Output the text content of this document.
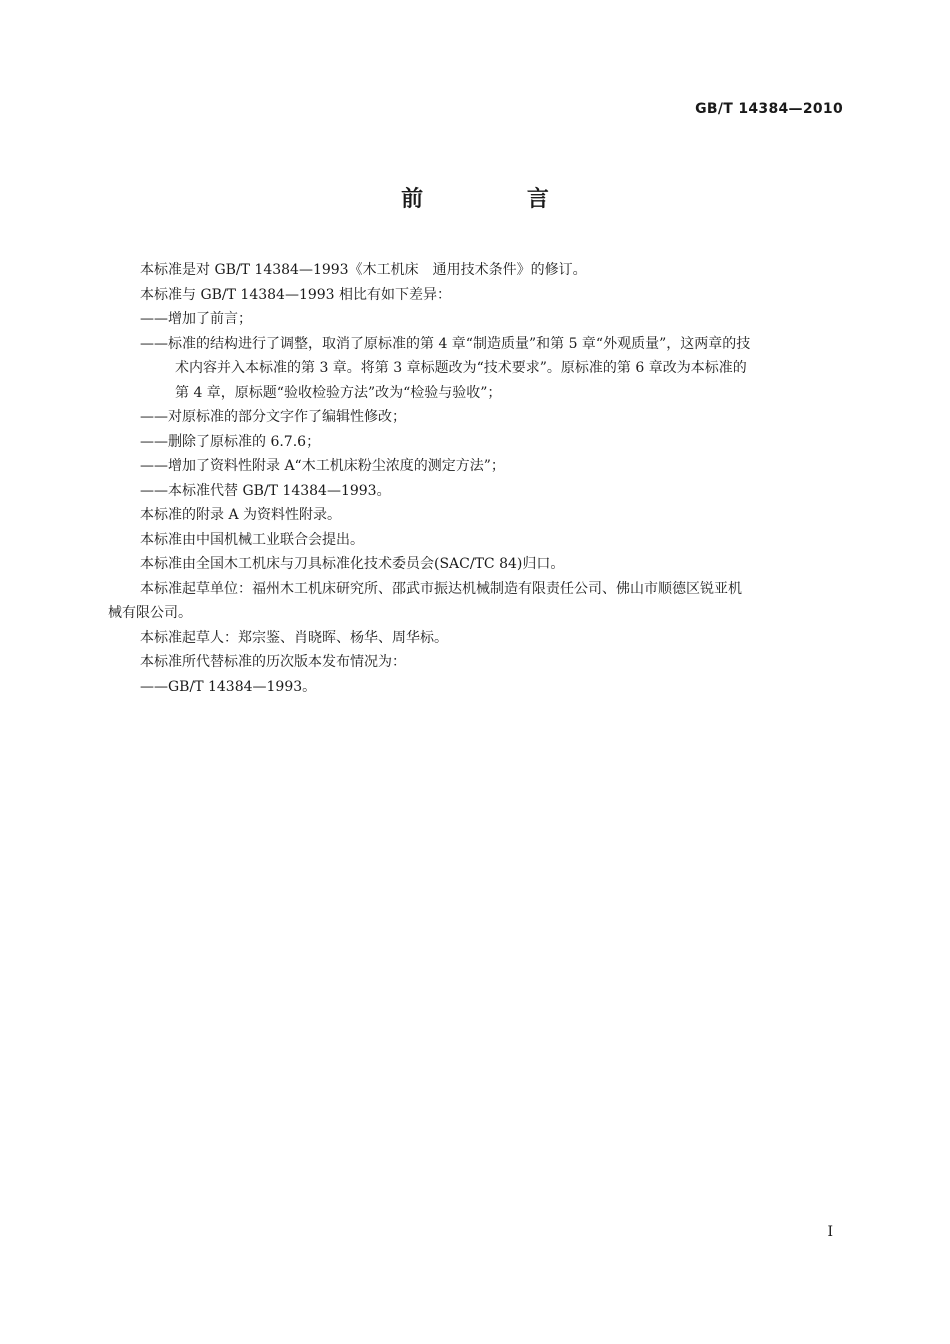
GB/T 14384—2010
前 言

本标准是对 GB/T 14384—1993《木工机床　通用技术条件》的修订。

本标准与 GB/T 14384—1993 相比有如下差异：

——增加了前言；

——标准的结构进行了调整，取消了原标准的第 4 章“制造质量”和第 5 章“外观质量”，这两章的技

术内容并入本标准的第 3 章。将第 3 章标题改为“技术要求”。原标准的第 6 章改为本标准的

第 4 章，原标题“验收检验方法”改为“检验与验收”；

——对原标准的部分文字作了编辑性修改；

——删除了原标准的 6.7.6；

——增加了资料性附录 A“木工机床粉尘浓度的测定方法”；

——本标准代替 GB/T 14384—1993。

本标准的附录 A 为资料性附录。

本标准由中国机械工业联合会提出。

本标准由全国木工机床与刀具标准化技术委员会(SAC/TC 84)归口。

本标准起草单位：福州木工机床研究所、邵武市振达机械制造有限责任公司、佛山市顺德区锐亚机

械有限公司。

本标准起草人：郑宗鉴、肖晓晖、杨华、周华标。

本标准所代替标准的历次版本发布情况为：

——GB/T 14384—1993。

I
